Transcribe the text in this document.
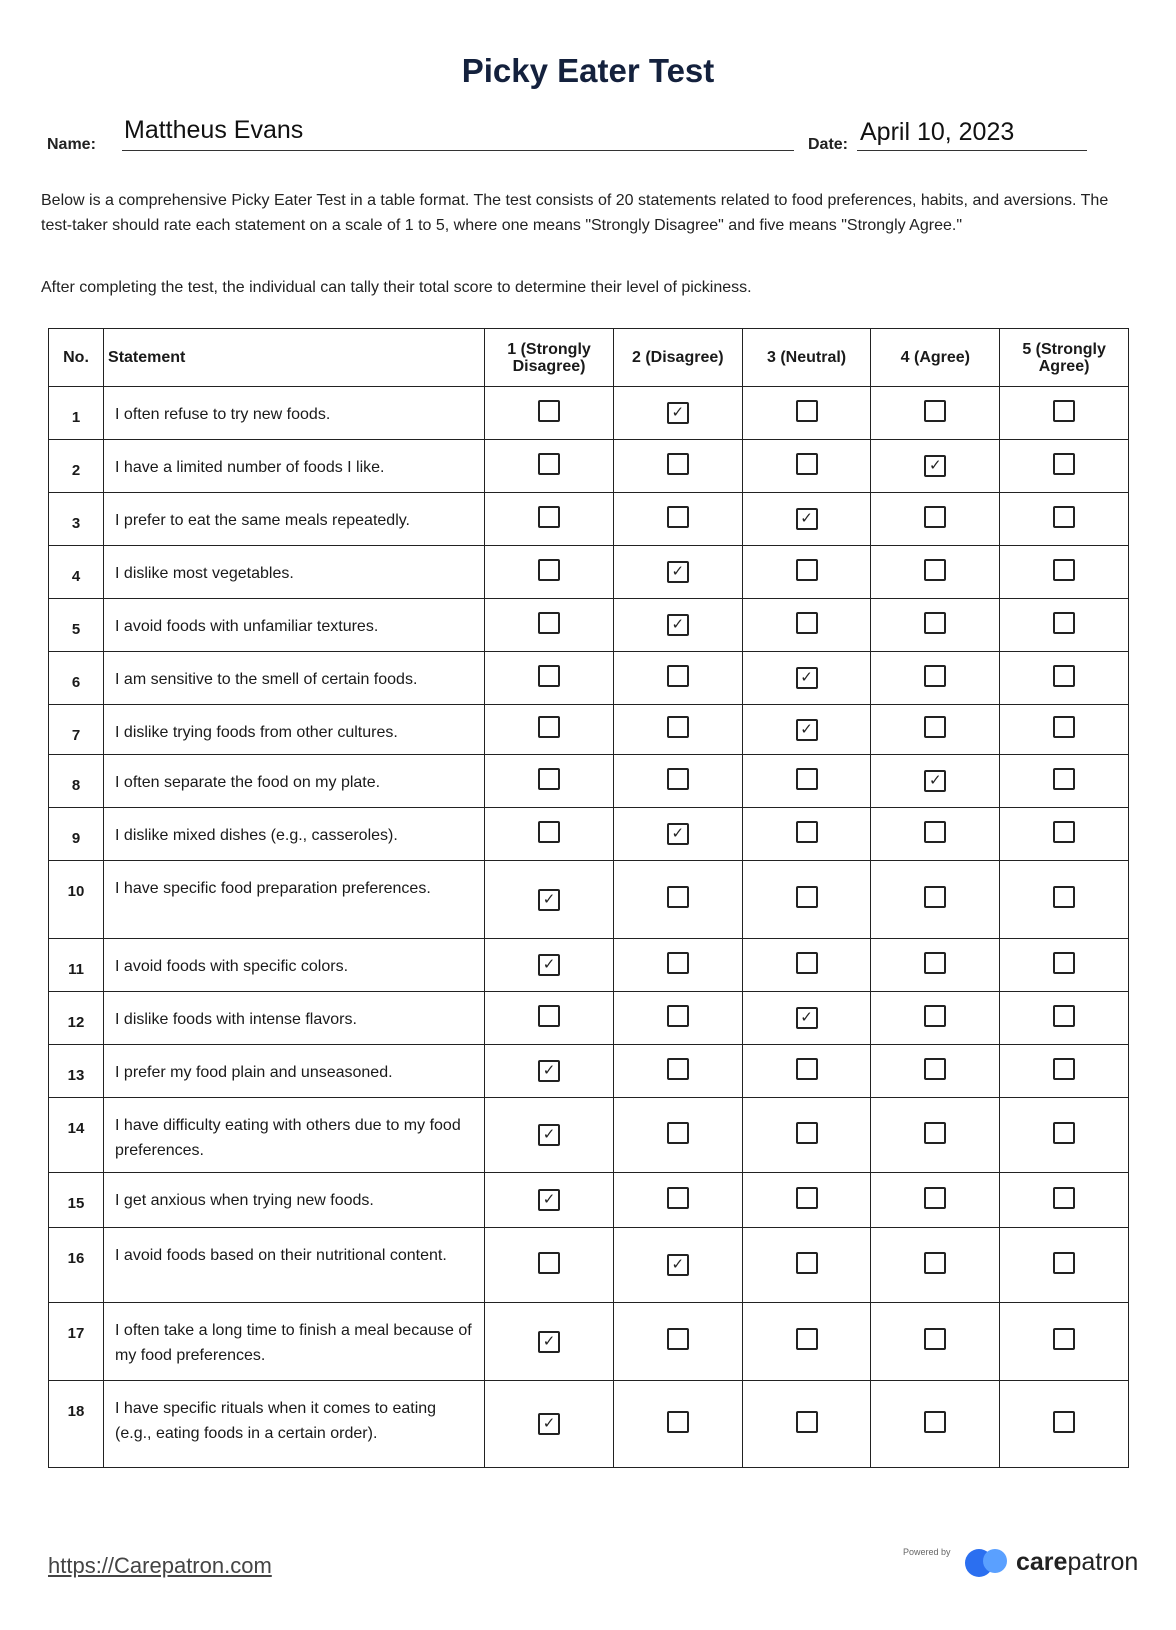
Picky Eater Test
Name:
Mattheus Evans
Date: April 10, 2023

Below is a comprehensive Picky Eater Test in a table format. The test consists of 20 statements related to food preferences, habits, and aversions. The test-taker should rate each statement on a scale of 1 to 5, where one means "Strongly Disagree" and five means "Strongly Agree."

After completing the test, the individual can tally their total score to determine their level of pickiness.

No.	Statement	1 (Strongly
Disagree)	2 (Disagree)	3 (Neutral)	4 (Agree)	5 (Strongly
Agree)
1	I often refuse to try new foods.		✓			
2	I have a limited number of foods I like.				✓	
3	I prefer to eat the same meals repeatedly.			✓		
4	I dislike most vegetables.		✓			
5	I avoid foods with unfamiliar textures.		✓			
6	I am sensitive to the smell of certain foods.			✓		
7	I dislike trying foods from other cultures.			✓		
8	I often separate the food on my plate.				✓	
9	I dislike mixed dishes (e.g., casseroles).		✓			
10	I have specific food preparation preferences.	✓				
11	I avoid foods with specific colors.	✓				
12	I dislike foods with intense flavors.			✓		
13	I prefer my food plain and unseasoned.	✓				
14	I have difficulty eating with others due to my food preferences.	✓				
15	I get anxious when trying new foods.	✓				
16	I avoid foods based on their nutritional content.		✓			
17	I often take a long time to finish a meal because of my food preferences.	✓				
18	I have specific rituals when it comes to eating (e.g., eating foods in a certain order).	✓				
https://Carepatron.com
Powered by	carepatron
